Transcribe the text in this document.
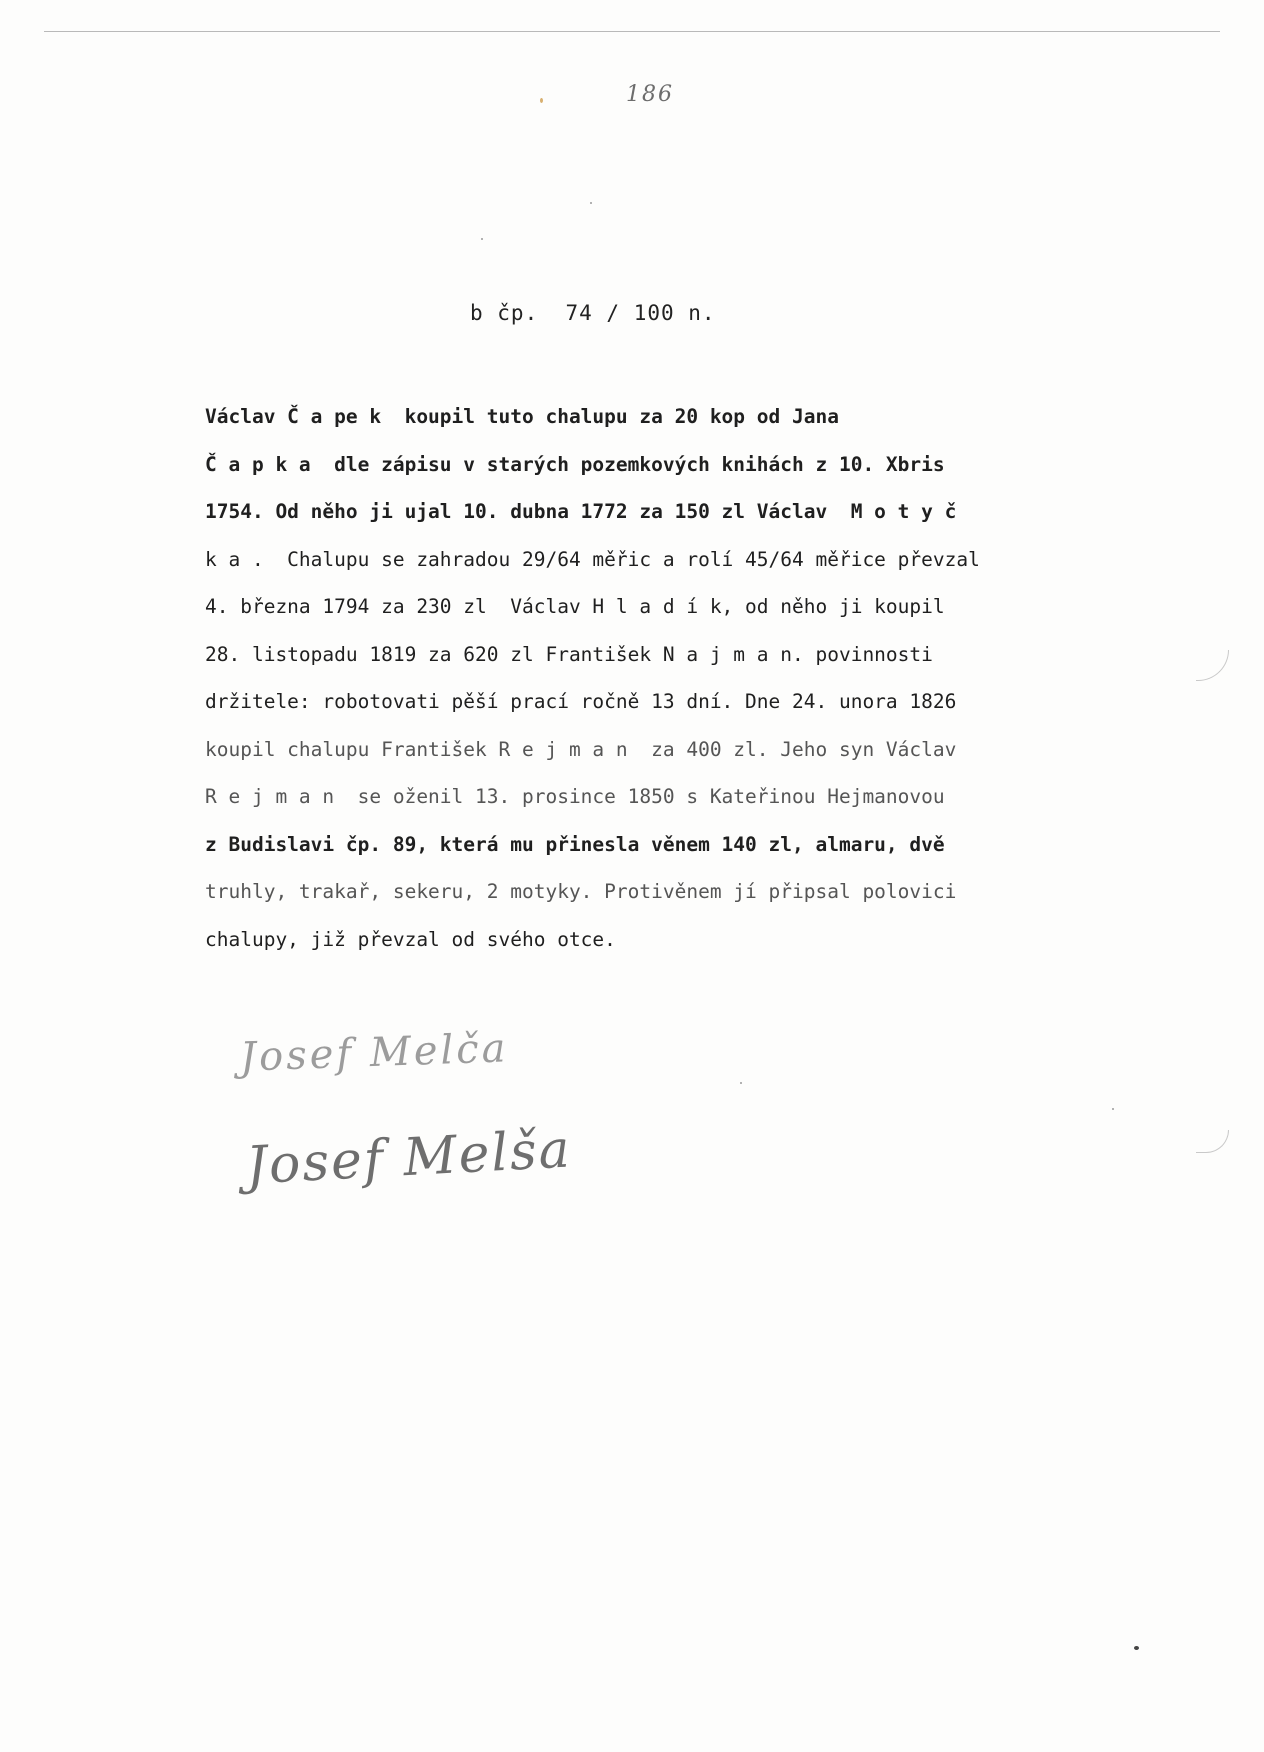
186
b čp.  74 / 100 n.
Václav Č a pe k  koupil tuto chalupu za 20 kop od Jana
Č a p k a  dle zápisu v starých pozemkových knihách z 10. Xbris
1754. Od něho ji ujal 10. dubna 1772 za 150 zl Václav  M o t y č
k a .  Chalupu se zahradou 29/64 měřic a rolí 45/64 měřice převzal
4. března 1794 za 230 zl  Václav H l a d í k, od něho ji koupil
28. listopadu 1819 za 620 zl František N a j m a n. povinnosti
držitele: robotovati pěší prací ročně 13 dní. Dne 24. unora 1826
koupil chalupu František R e j m a n  za 400 zl. Jeho syn Václav
R e j m a n  se oženil 13. prosince 1850 s Kateřinou Hejmanovou
z Budislavi čp. 89, která mu přinesla věnem 140 zl, almaru, dvě
truhly, trakař, sekeru, 2 motyky. Protivěnem jí připsal polovici
chalupy, již převzal od svého otce.
Josef Melča
Josef Melša
